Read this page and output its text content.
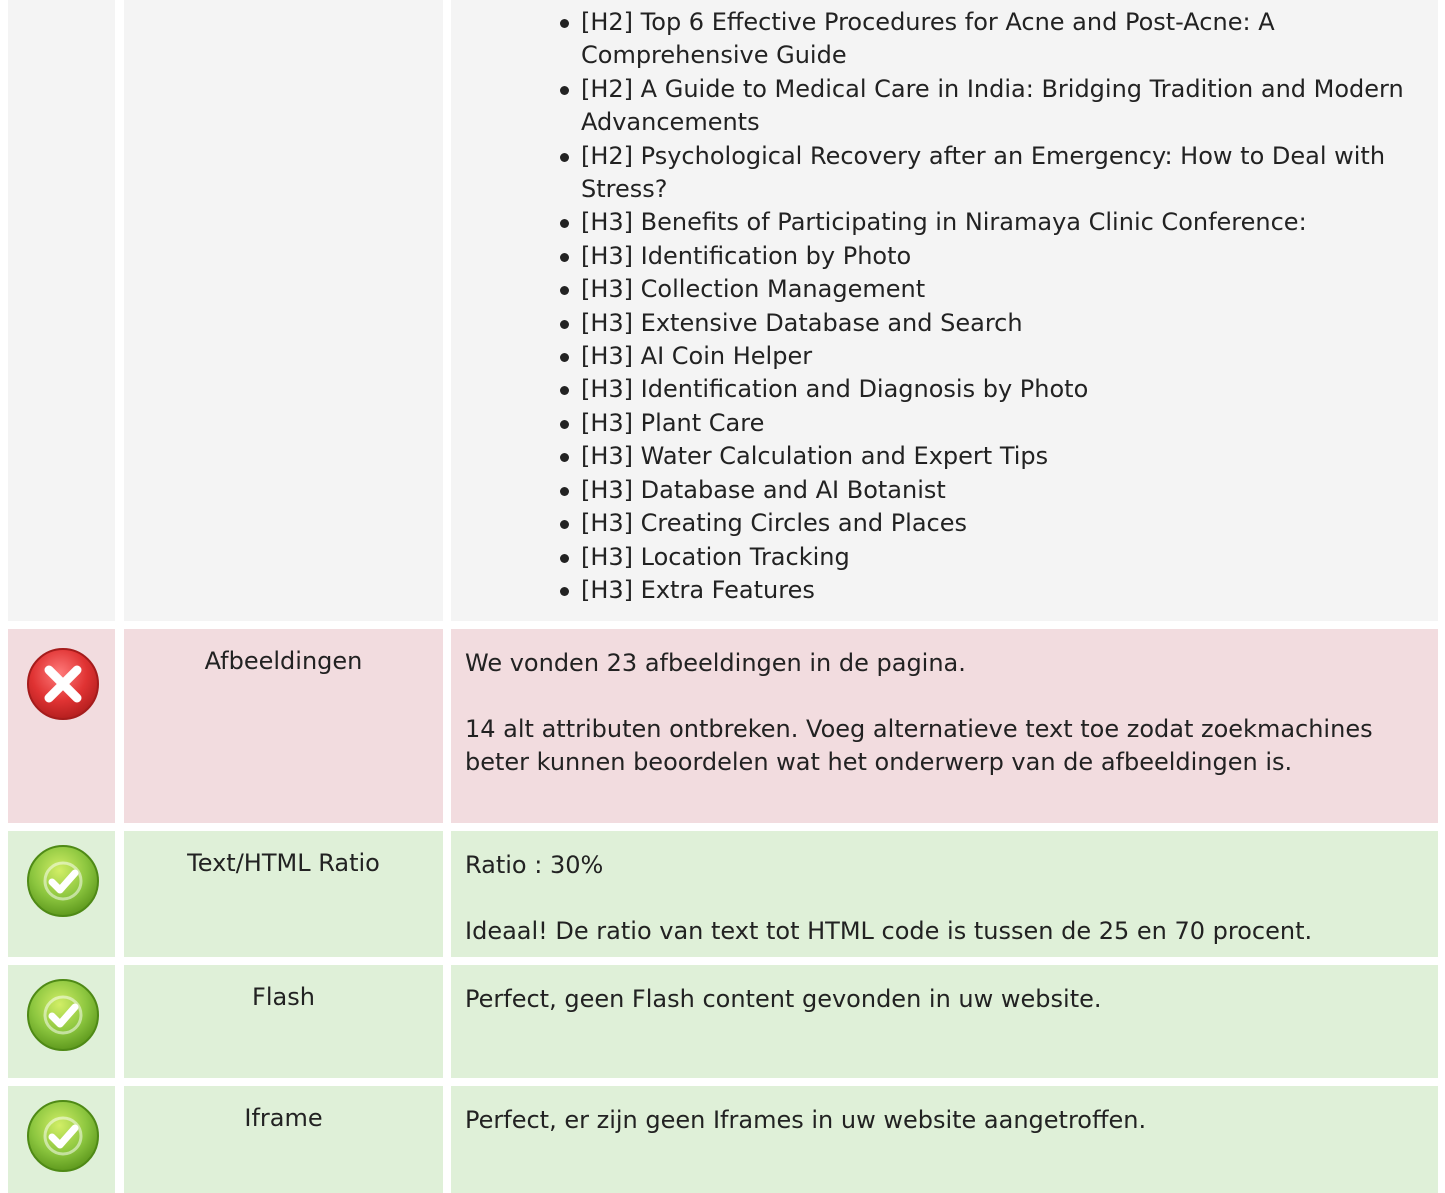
[H2] Top 6 Effective Procedures for Acne and Post-Acne: A Comprehensive Guide
[H2] A Guide to Medical Care in India: Bridging Tradition and Modern Advancements
[H2] Psychological Recovery after an Emergency: How to Deal with Stress?
[H3] Benefits of Participating in Niramaya Clinic Conference:
[H3] Identification by Photo
[H3] Collection Management
[H3] Extensive Database and Search
[H3] AI Coin Helper
[H3] Identification and Diagnosis by Photo
[H3] Plant Care
[H3] Water Calculation and Expert Tips
[H3] Database and AI Botanist
[H3] Creating Circles and Places
[H3] Location Tracking
[H3] Extra Features
Afbeeldingen	We vonden 23 afbeeldingen in de pagina.

14 alt attributen ontbreken. Voeg alternatieve text toe zodat zoekmachines beter kunnen beoordelen wat het onderwerp van de afbeeldingen is.

Text/HTML Ratio	Ratio : 30%

Ideaal! De ratio van text tot HTML code is tussen de 25 en 70 procent.

Flash	Perfect, geen Flash content gevonden in uw website.

Iframe	Perfect, er zijn geen Iframes in uw website aangetroffen.
